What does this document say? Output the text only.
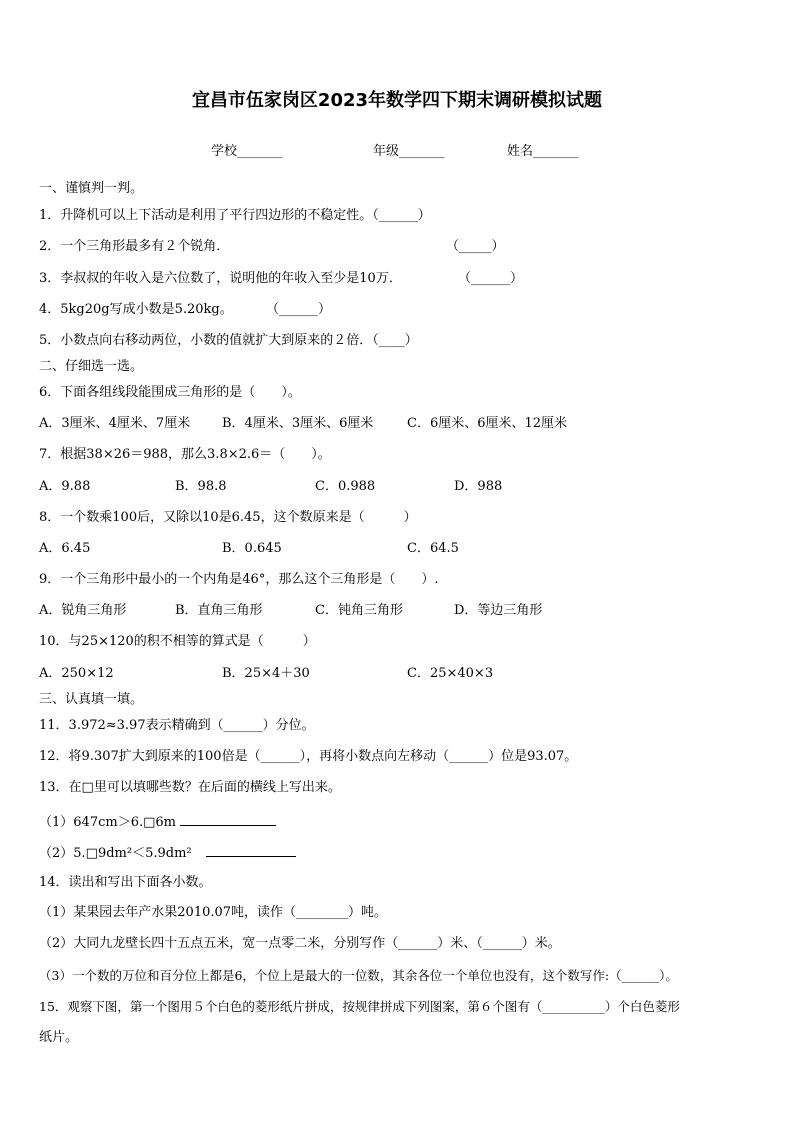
宜昌市伍家岗区2023年数学四下期末调研模拟试题
学校_______	年级_______	姓名_______
一、谨慎判一判。
1．升降机可以上下活动是利用了平行四边形的不稳定性。（______）
2．一个三角形最多有２个锐角．	（_____）
3．李叔叔的年收入是六位数了，说明他的年收入至少是10万．	（______）
4．5kg20g写成小数是5.20kg。	（______）
5．小数点向右移动两位，小数的值就扩大到原来的２倍．（____）
二、仔细选一选。
6．下面各组线段能围成三角形的是（　　）。
A．3厘米、4厘米、7厘米 B．4厘米、3厘米、6厘米	C．6厘米、6厘米、12厘米
7．根据38×26＝988，那么3.8×2.6＝（　　）。
A．9.88	B．98.8	C．0.988	D．988
8．一个数乘100后，又除以10是6.45，这个数原来是（　　　）
A．6.45	B．0.645	C．64.5
9．一个三角形中最小的一个内角是46°，那么这个三角形是（　　）.
A．锐角三角形	B．直角三角形	C．钝角三角形	D．等边三角形
10．与25×120的积不相等的算式是（　　　）
A．250×12	B．25×4＋30	C．25×40×3
三、认真填一填。
11．3.972≈3.97表示精确到（______）分位。
12．将9.307扩大到原来的100倍是（______），再将小数点向左移动（______）位是93.07。
13．在□里可以填哪些数？在后面的横线上写出来。
（1）647cm＞6.□6m
（2）5.□9dm²＜5.9dm²
14．读出和写出下面各小数。
（1）某果园去年产水果2010.07吨，读作（________）吨。
（2）大同九龙壁长四十五点五米，宽一点零二米，分别写作（______）米、（______）米。
（3）一个数的万位和百分位上都是6，个位上是最大的一位数，其余各位一个单位也没有，这个数写作:（______）。
15．观察下图，第一个图用５个白色的菱形纸片拼成，按规律拼成下列图案，第６个图有（__________）个白色菱形
纸片。
